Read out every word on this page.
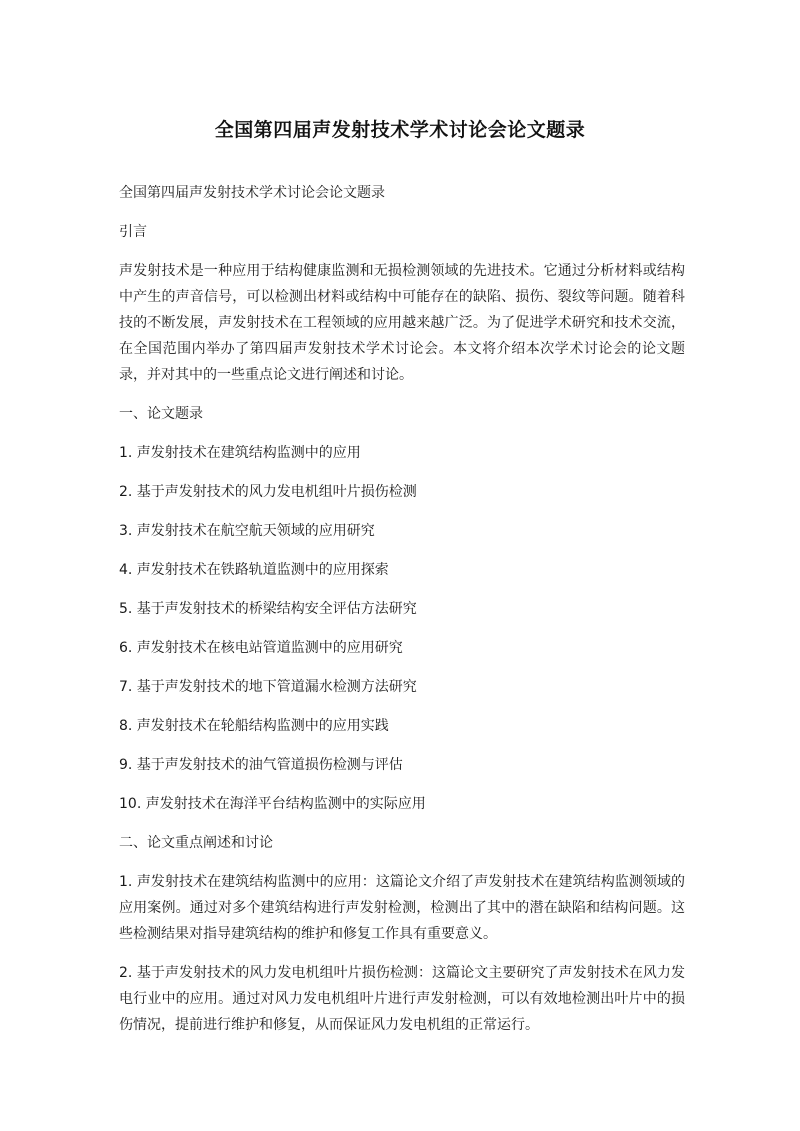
全国第四届声发射技术学术讨论会论文题录
全国第四届声发射技术学术讨论会论文题录
引言
声发射技术是一种应用于结构健康监测和无损检测领域的先进技术。它通过分析材料或结构中产生的声音信号，可以检测出材料或结构中可能存在的缺陷、损伤、裂纹等问题。随着科技的不断发展，声发射技术在工程领域的应用越来越广泛。为了促进学术研究和技术交流，在全国范围内举办了第四届声发射技术学术讨论会。本文将介绍本次学术讨论会的论文题录，并对其中的一些重点论文进行阐述和讨论。
一、论文题录
1. 声发射技术在建筑结构监测中的应用
2. 基于声发射技术的风力发电机组叶片损伤检测
3. 声发射技术在航空航天领域的应用研究
4. 声发射技术在铁路轨道监测中的应用探索
5. 基于声发射技术的桥梁结构安全评估方法研究
6. 声发射技术在核电站管道监测中的应用研究
7. 基于声发射技术的地下管道漏水检测方法研究
8. 声发射技术在轮船结构监测中的应用实践
9. 基于声发射技术的油气管道损伤检测与评估
10. 声发射技术在海洋平台结构监测中的实际应用
二、论文重点阐述和讨论
1. 声发射技术在建筑结构监测中的应用：这篇论文介绍了声发射技术在建筑结构监测领域的应用案例。通过对多个建筑结构进行声发射检测，检测出了其中的潜在缺陷和结构问题。这些检测结果对指导建筑结构的维护和修复工作具有重要意义。
2. 基于声发射技术的风力发电机组叶片损伤检测：这篇论文主要研究了声发射技术在风力发电行业中的应用。通过对风力发电机组叶片进行声发射检测，可以有效地检测出叶片中的损伤情况，提前进行维护和修复，从而保证风力发电机组的正常运行。
